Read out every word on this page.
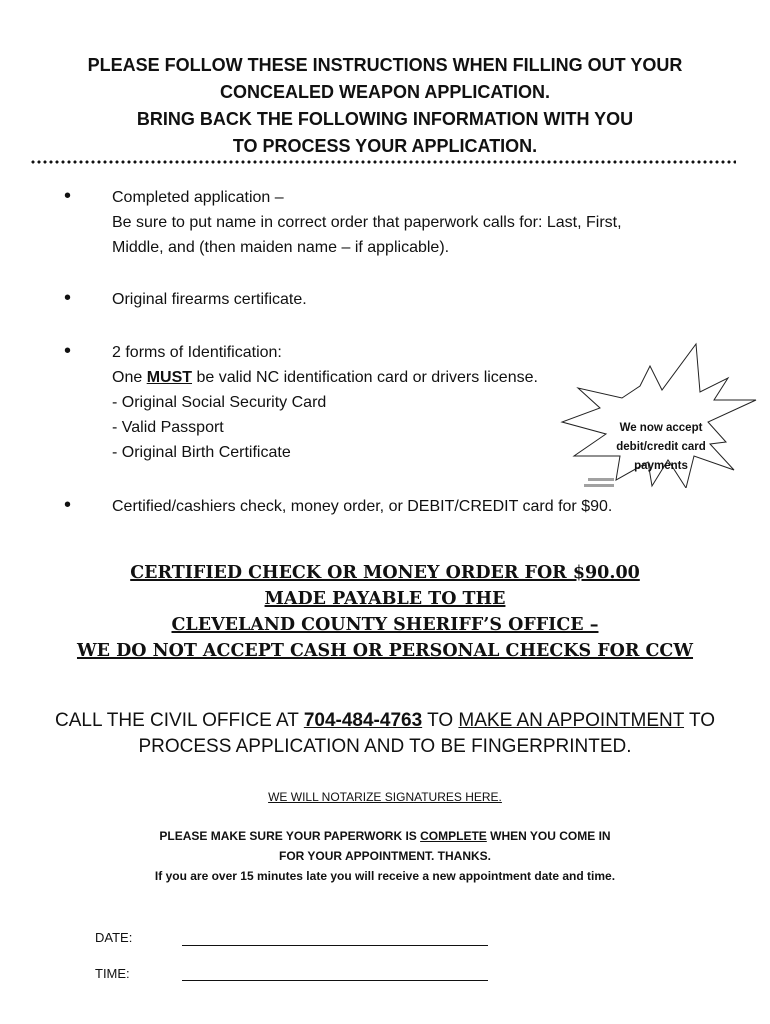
PLEASE FOLLOW THESE INSTRUCTIONS WHEN FILLING OUT YOUR
CONCEALED WEAPON APPLICATION.
BRING BACK THE FOLLOWING INFORMATION WITH YOU
TO PROCESS YOUR APPLICATION.
•	Completed application –
Be sure to put name in correct order that paperwork calls for: Last, First,
Middle, and (then maiden name – if applicable).
•	Original firearms certificate.
•	2 forms of Identification:
One MUST be valid NC identification card or drivers license.
- Original Social Security Card
- Valid Passport
- Original Birth Certificate
We now accept
debit/credit card
payments
•	Certified/cashiers check, money order, or DEBIT/CREDIT card for $90.
CERTIFIED CHECK OR MONEY ORDER FOR $90.00
MADE PAYABLE TO THE
CLEVELAND COUNTY SHERIFF’S OFFICE –
WE DO NOT ACCEPT CASH OR PERSONAL CHECKS FOR CCW
CALL THE CIVIL OFFICE AT 704-484-4763 TO MAKE AN APPOINTMENT TO
PROCESS APPLICATION AND TO BE FINGERPRINTED.
WE WILL NOTARIZE SIGNATURES HERE.
PLEASE MAKE SURE YOUR PAPERWORK IS COMPLETE WHEN YOU COME IN
FOR YOUR APPOINTMENT. THANKS.
If you are over 15 minutes late you will receive a new appointment date and time.
DATE:
TIME:
